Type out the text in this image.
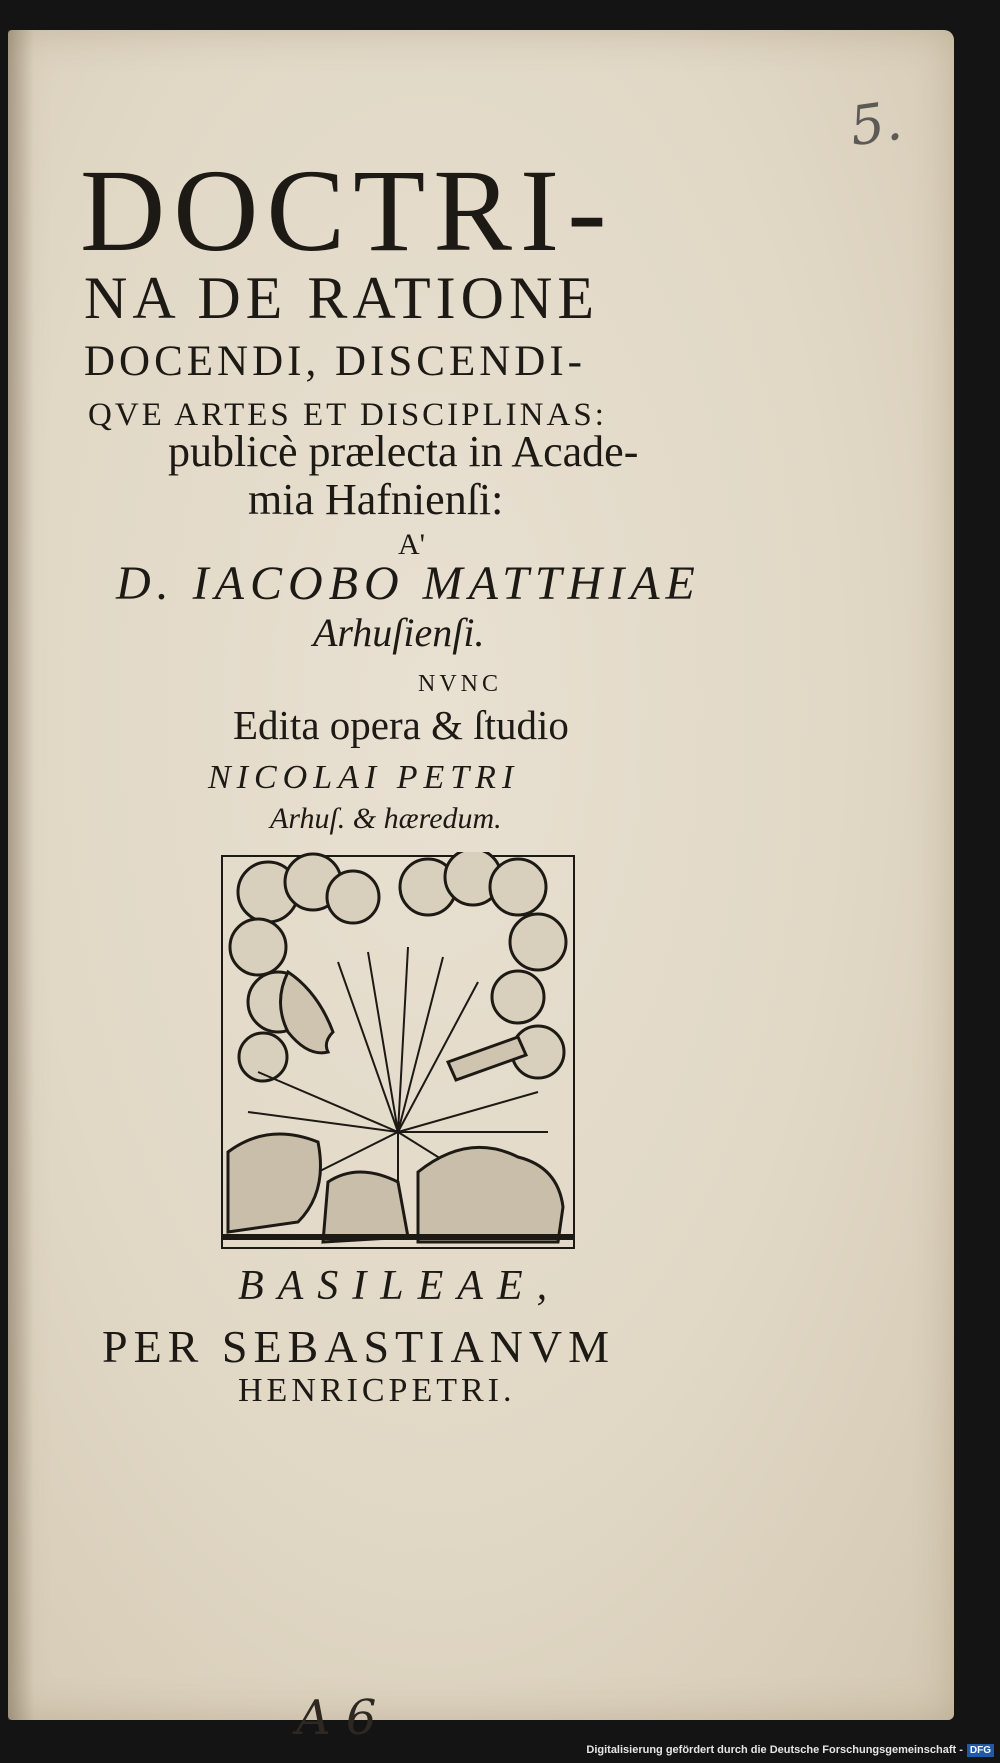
5.
DOCTRI-
NA DE RATIONE
DOCENDI, DISCENDI-
QVE ARTES ET DISCIPLINAS:
publicè prælecta in Acade-
mia Hafnienſi:
A'
D. IACOBO MATTHIAE
Arhuſienſi.
NVNC
Edita opera & ſtudio
NICOLAI PETRI
Arhuſ. & hæredum.
BASILEAE,
PER SEBASTIANVM
HENRICPETRI.
A 6
Digitalisierung gefördert durch die Deutsche Forschungsgemeinschaft - DFG
